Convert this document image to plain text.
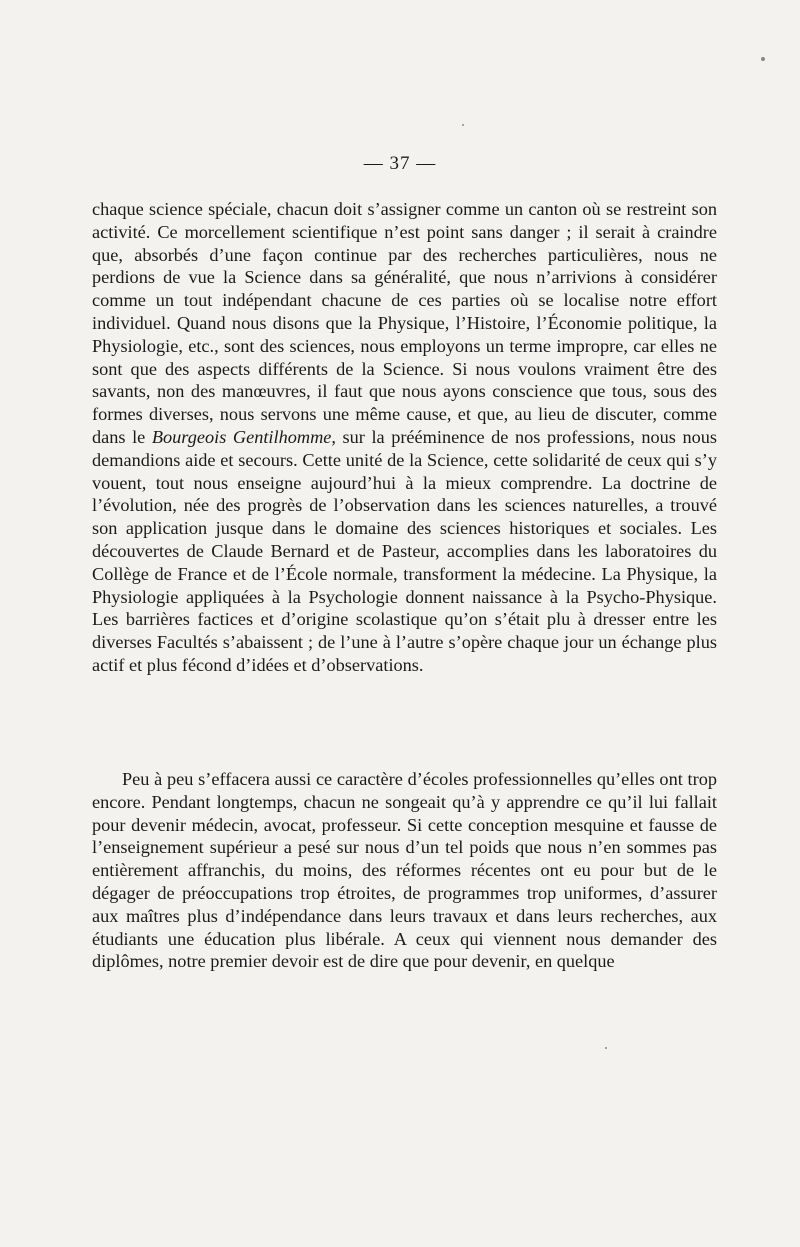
— 37 —
chaque science spéciale, chacun doit s’assigner comme un canton où se restreint son activité. Ce morcellement scientifique n’est point sans danger ; il serait à craindre que, absorbés d’une façon continue par des recherches particulières, nous ne perdions de vue la Science dans sa généralité, que nous n’arrivions à considérer comme un tout indépendant chacune de ces parties où se localise notre effort individuel. Quand nous disons que la Physique, l’Histoire, l’Économie politique, la Physiologie, etc., sont des sciences, nous employons un terme impropre, car elles ne sont que des aspects différents de la Science. Si nous voulons vraiment être des savants, non des manœuvres, il faut que nous ayons conscience que tous, sous des formes diverses, nous servons une même cause, et que, au lieu de discuter, comme dans le Bourgeois Gentilhomme, sur la prééminence de nos professions, nous nous demandions aide et secours. Cette unité de la Science, cette solidarité de ceux qui s’y vouent, tout nous enseigne aujourd’hui à la mieux comprendre. La doctrine de l’évolution, née des progrès de l’observation dans les sciences naturelles, a trouvé son application jusque dans le domaine des sciences historiques et sociales. Les découvertes de Claude Bernard et de Pasteur, accomplies dans les laboratoires du Collège de France et de l’École normale, transforment la médecine. La Physique, la Physiologie appliquées à la Psychologie donnent naissance à la Psycho-Physique. Les barrières factices et d’origine scolastique qu’on s’était plu à dresser entre les diverses Facultés s’abaissent ; de l’une à l’autre s’opère chaque jour un échange plus actif et plus fécond d’idées et d’observations.
Peu à peu s’effacera aussi ce caractère d’écoles professionnelles qu’elles ont trop encore. Pendant longtemps, chacun ne songeait qu’à y apprendre ce qu’il lui fallait pour devenir médecin, avocat, professeur. Si cette conception mesquine et fausse de l’enseignement supérieur a pesé sur nous d’un tel poids que nous n’en sommes pas entièrement affranchis, du moins, des réformes récentes ont eu pour but de le dégager de préoccupations trop étroites, de programmes trop uniformes, d’assurer aux maîtres plus d’indépendance dans leurs travaux et dans leurs recherches, aux étudiants une éducation plus libérale. A ceux qui viennent nous demander des diplômes, notre premier devoir est de dire que pour devenir, en quelque
